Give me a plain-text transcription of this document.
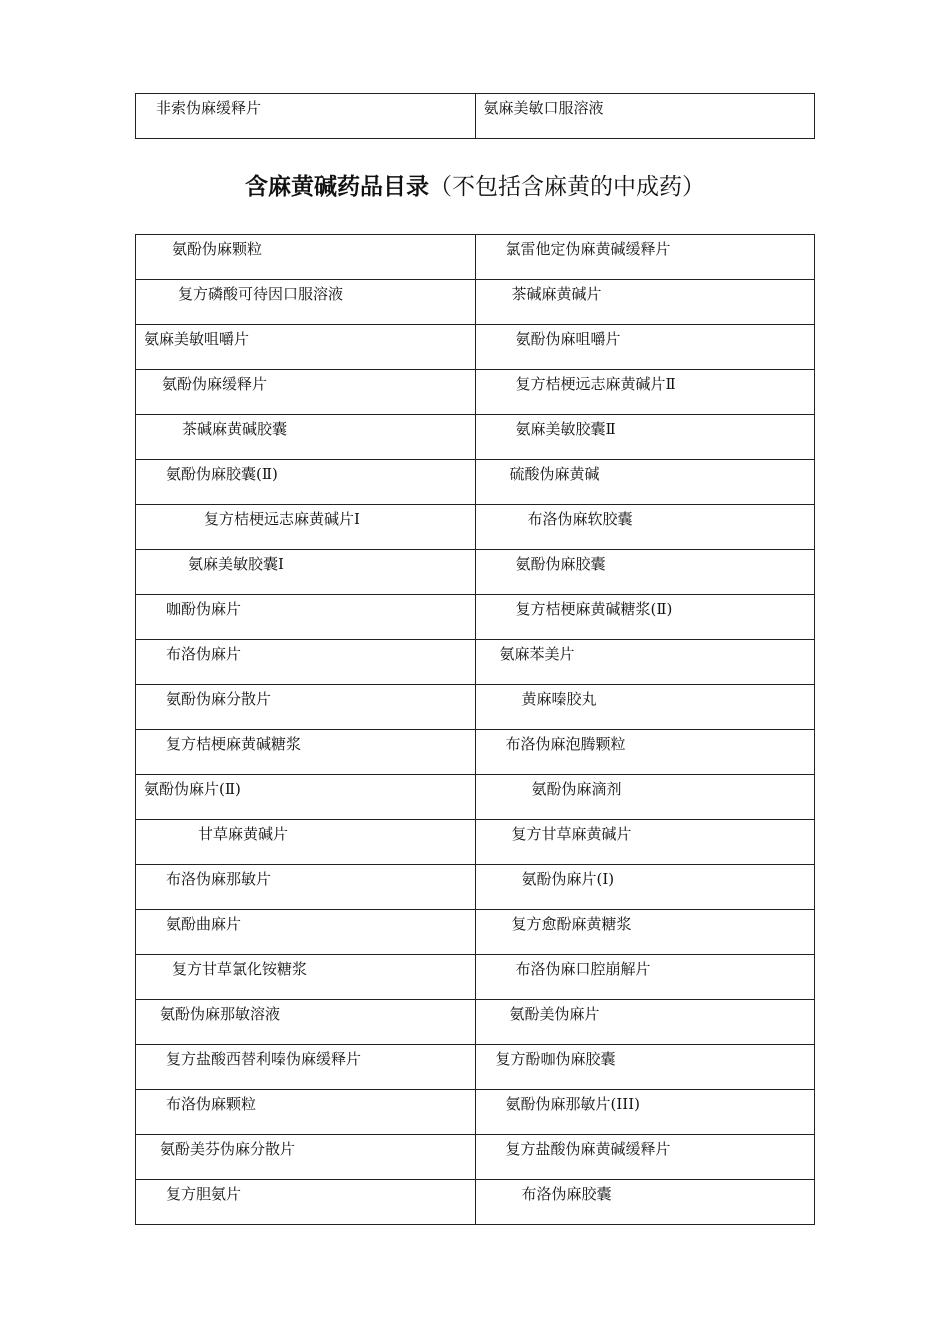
非索伪麻缓释片	氨麻美敏口服溶液
含麻黄碱药品目录（不包括含麻黄的中成药）
氨酚伪麻颗粒	氯雷他定伪麻黄碱缓释片

复方磷酸可待因口服溶液	茶碱麻黄碱片

氨麻美敏咀嚼片	氨酚伪麻咀嚼片

氨酚伪麻缓释片	复方桔梗远志麻黄碱片Ⅱ

茶碱麻黄碱胶囊	氨麻美敏胶囊Ⅱ

氨酚伪麻胶囊(Ⅱ)	硫酸伪麻黄碱

复方桔梗远志麻黄碱片Ⅰ	布洛伪麻软胶囊

氨麻美敏胶囊Ⅰ	氨酚伪麻胶囊

咖酚伪麻片	复方桔梗麻黄碱糖浆(Ⅱ)

布洛伪麻片	氨麻苯美片

氨酚伪麻分散片	黄麻嗪胶丸

复方桔梗麻黄碱糖浆	布洛伪麻泡腾颗粒

氨酚伪麻片(Ⅱ)	氨酚伪麻滴剂

甘草麻黄碱片	复方甘草麻黄碱片

布洛伪麻那敏片	氨酚伪麻片(Ⅰ)

氨酚曲麻片	复方愈酚麻黄糖浆

复方甘草氯化铵糖浆	布洛伪麻口腔崩解片

氨酚伪麻那敏溶液	氨酚美伪麻片

复方盐酸西替利嗪伪麻缓释片	复方酚咖伪麻胶囊

布洛伪麻颗粒	氨酚伪麻那敏片(III)

氨酚美芬伪麻分散片	复方盐酸伪麻黄碱缓释片

复方胆氨片	布洛伪麻胶囊
